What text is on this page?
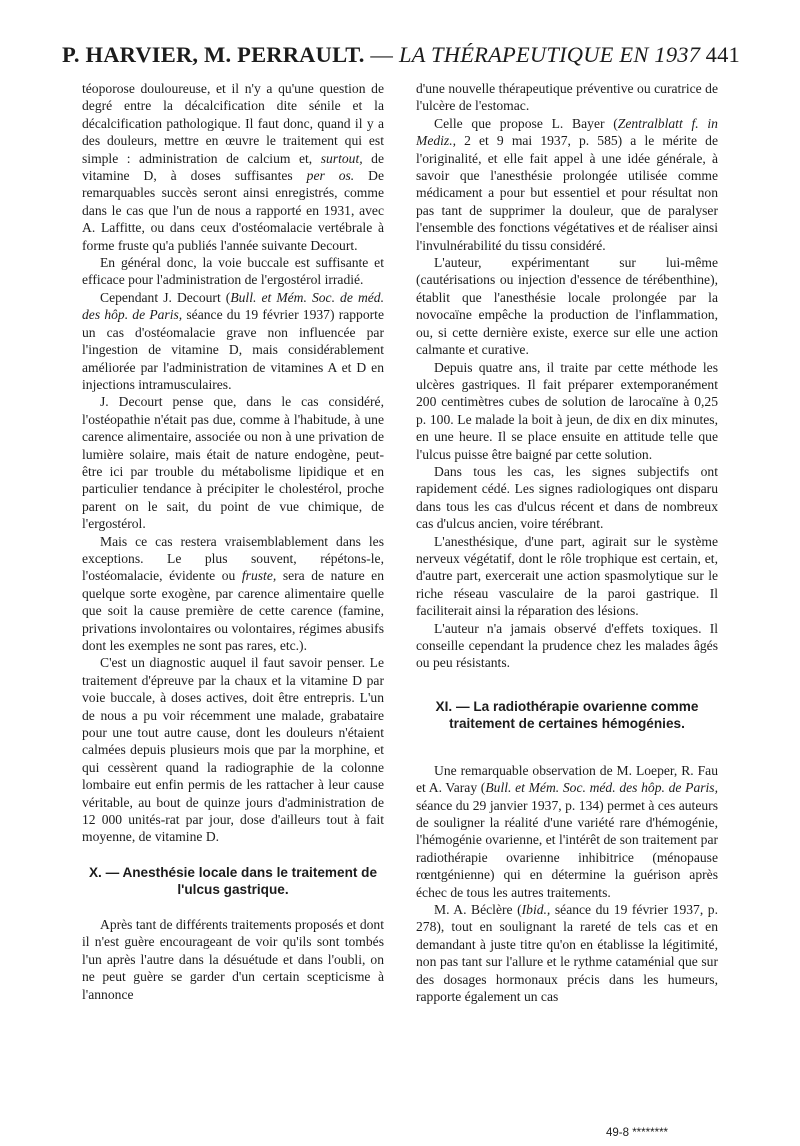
P. HARVIER, M. PERRAULT. — LA THÉRAPEUTIQUE EN 1937 441

téoporose douloureuse, et il n'y a qu'une question de degré entre la décalcification dite sénile et la décalcification pathologique. Il faut donc, quand il y a des douleurs, mettre en œuvre le traitement qui est simple : administration de calcium et, surtout, de vitamine D, à doses suffisantes per os. De remarquables succès seront ainsi enregistrés, comme dans le cas que l'un de nous a rapporté en 1931, avec A. Laffitte, ou dans ceux d'ostéomalacie vertébrale à forme fruste qu'a publiés l'année suivante Decourt.

En général donc, la voie buccale est suffisante et efficace pour l'administration de l'ergostérol irradié.

Cependant J. Decourt (Bull. et Mém. Soc. de méd. des hôp. de Paris, séance du 19 février 1937) rapporte un cas d'ostéomalacie grave non influencée par l'ingestion de vitamine D, mais considérablement améliorée par l'administration de vitamines A et D en injections intramusculaires.

J. Decourt pense que, dans le cas considéré, l'ostéopathie n'était pas due, comme à l'habitude, à une carence alimentaire, associée ou non à une privation de lumière solaire, mais était de nature endogène, peut-être ici par trouble du métabolisme lipidique et en particulier tendance à précipiter le cholestérol, proche parent on le sait, du point de vue chimique, de l'ergostérol.

Mais ce cas restera vraisemblablement dans les exceptions. Le plus souvent, répétons-le, l'ostéomalacie, évidente ou fruste, sera de nature en quelque sorte exogène, par carence alimentaire quelle que soit la cause première de cette carence (famine, privations involontaires ou volontaires, régimes abusifs dont les exemples ne sont pas rares, etc.).

C'est un diagnostic auquel il faut savoir penser. Le traitement d'épreuve par la chaux et la vitamine D par voie buccale, à doses actives, doit être entrepris. L'un de nous a pu voir récemment une malade, grabataire pour une tout autre cause, dont les douleurs n'étaient calmées depuis plusieurs mois que par la morphine, et qui cessèrent quand la radiographie de la colonne lombaire eut enfin permis de les rattacher à leur cause véritable, au bout de quinze jours d'administration de 12 000 unités-rat par jour, dose d'ailleurs tout à fait moyenne, de vitamine D.

X. — Anesthésie locale dans le traitement de l'ulcus gastrique.

Après tant de différents traitements proposés et dont il n'est guère encourageant de voir qu'ils sont tombés l'un après l'autre dans la désuétude et dans l'oubli, on ne peut guère se garder d'un certain scepticisme à l'annonce

d'une nouvelle thérapeutique préventive ou curatrice de l'ulcère de l'estomac.

Celle que propose L. Bayer (Zentralblatt f. in Mediz., 2 et 9 mai 1937, p. 585) a le mérite de l'originalité, et elle fait appel à une idée générale, à savoir que l'anesthésie prolongée utilisée comme médicament a pour but essentiel et pour résultat non pas tant de supprimer la douleur, que de paralyser l'ensemble des fonctions végétatives et de réaliser ainsi l'invulnérabilité du tissu considéré.

L'auteur, expérimentant sur lui-même (cautérisations ou injection d'essence de térébenthine), établit que l'anesthésie locale prolongée par la novocaïne empêche la production de l'inflammation, ou, si cette dernière existe, exerce sur elle une action calmante et curative.

Depuis quatre ans, il traite par cette méthode les ulcères gastriques. Il fait préparer extemporanément 200 centimètres cubes de solution de larocaïne à 0,25 p. 100. Le malade la boit à jeun, de dix en dix minutes, en une heure. Il se place ensuite en attitude telle que l'ulcus puisse être baigné par cette solution.

Dans tous les cas, les signes subjectifs ont rapidement cédé. Les signes radiologiques ont disparu dans tous les cas d'ulcus récent et dans de nombreux cas d'ulcus ancien, voire térébrant.

L'anesthésique, d'une part, agirait sur le système nerveux végétatif, dont le rôle trophique est certain, et, d'autre part, exercerait une action spasmolytique sur le riche réseau vasculaire de la paroi gastrique. Il faciliterait ainsi la réparation des lésions.

L'auteur n'a jamais observé d'effets toxiques. Il conseille cependant la prudence chez les malades âgés ou peu résistants.

XI. — La radiothérapie ovarienne comme traitement de certaines hémogénies.

Une remarquable observation de M. Loeper, R. Fau et A. Varay (Bull. et Mém. Soc. méd. des hôp. de Paris, séance du 29 janvier 1937, p. 134) permet à ces auteurs de souligner la réalité d'une variété rare d'hémogénie, l'hémogénie ovarienne, et l'intérêt de son traitement par radiothérapie ovarienne inhibitrice (ménopause rœntgénienne) qui en détermine la guérison après échec de tous les autres traitements.

M. A. Béclère (Ibid., séance du 19 février 1937, p. 278), tout en soulignant la rareté de tels cas et en demandant à juste titre qu'on en établisse la légitimité, non pas tant sur l'allure et le rythme cataménial que sur des dosages hormonaux précis dans les humeurs, rapporte également un cas

49-8 ********
